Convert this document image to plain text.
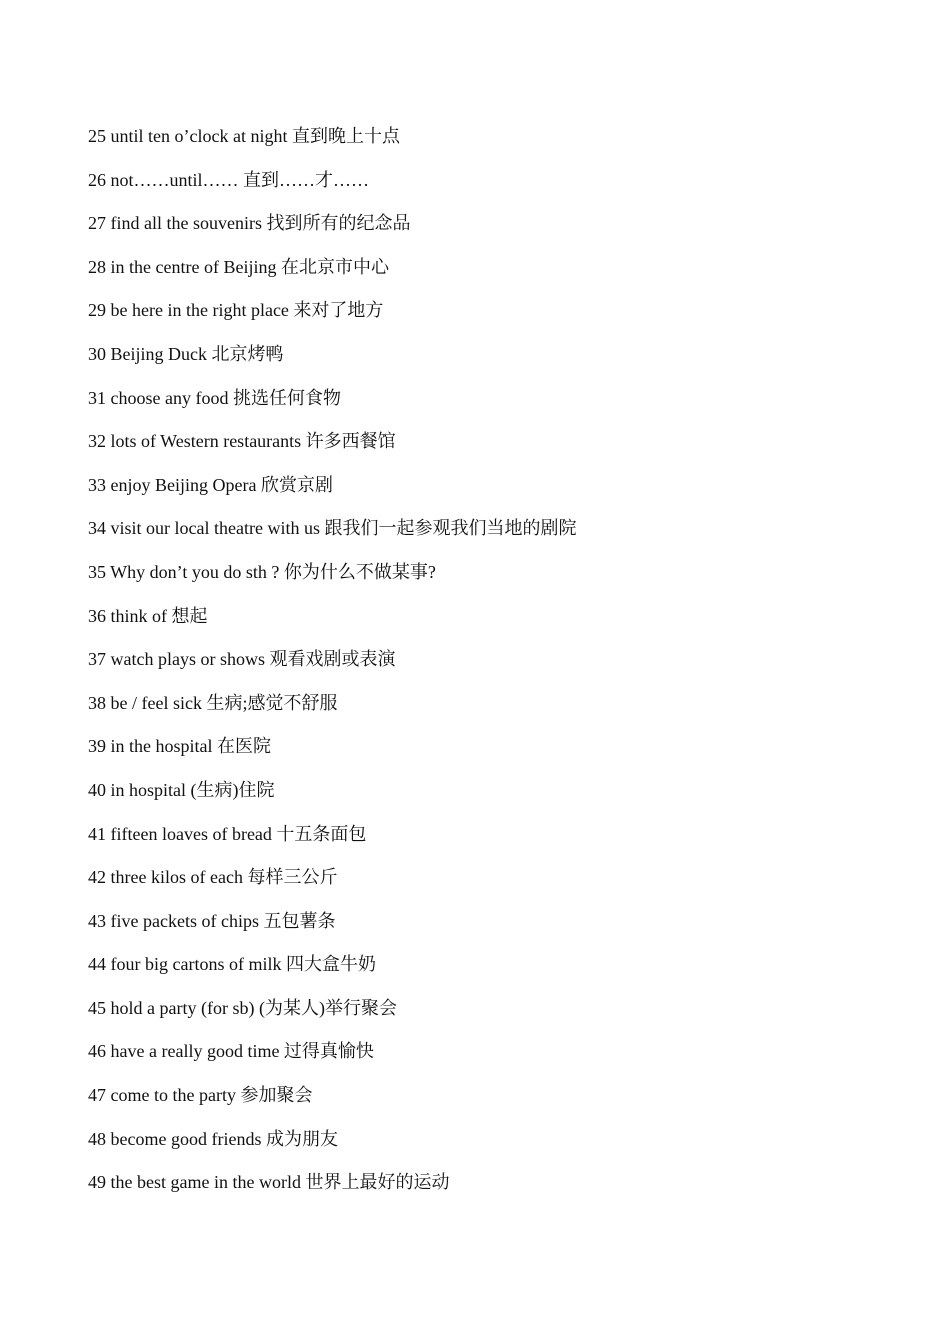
25 until ten o’clock at night 直到晚上十点
26 not……until…… 直到……才……
27 find all the souvenirs 找到所有的纪念品
28 in the centre of Beijing 在北京市中心
29 be here in the right place 来对了地方
30 Beijing Duck 北京烤鸭
31 choose any food 挑选任何食物
32 lots of Western restaurants 许多西餐馆
33 enjoy Beijing Opera 欣赏京剧
34 visit our local theatre with us 跟我们一起参观我们当地的剧院
35 Why don’t you do sth ? 你为什么不做某事?
36 think of 想起
37 watch plays or shows 观看戏剧或表演
38 be / feel sick 生病;感觉不舒服
39 in the hospital 在医院
40 in hospital (生病)住院
41 fifteen loaves of bread 十五条面包
42 three kilos of each 每样三公斤
43 five packets of chips 五包薯条
44 four big cartons of milk 四大盒牛奶
45 hold a party (for sb) (为某人)举行聚会
46 have a really good time 过得真愉快
47 come to the party 参加聚会
48 become good friends 成为朋友
49 the best game in the world 世界上最好的运动
